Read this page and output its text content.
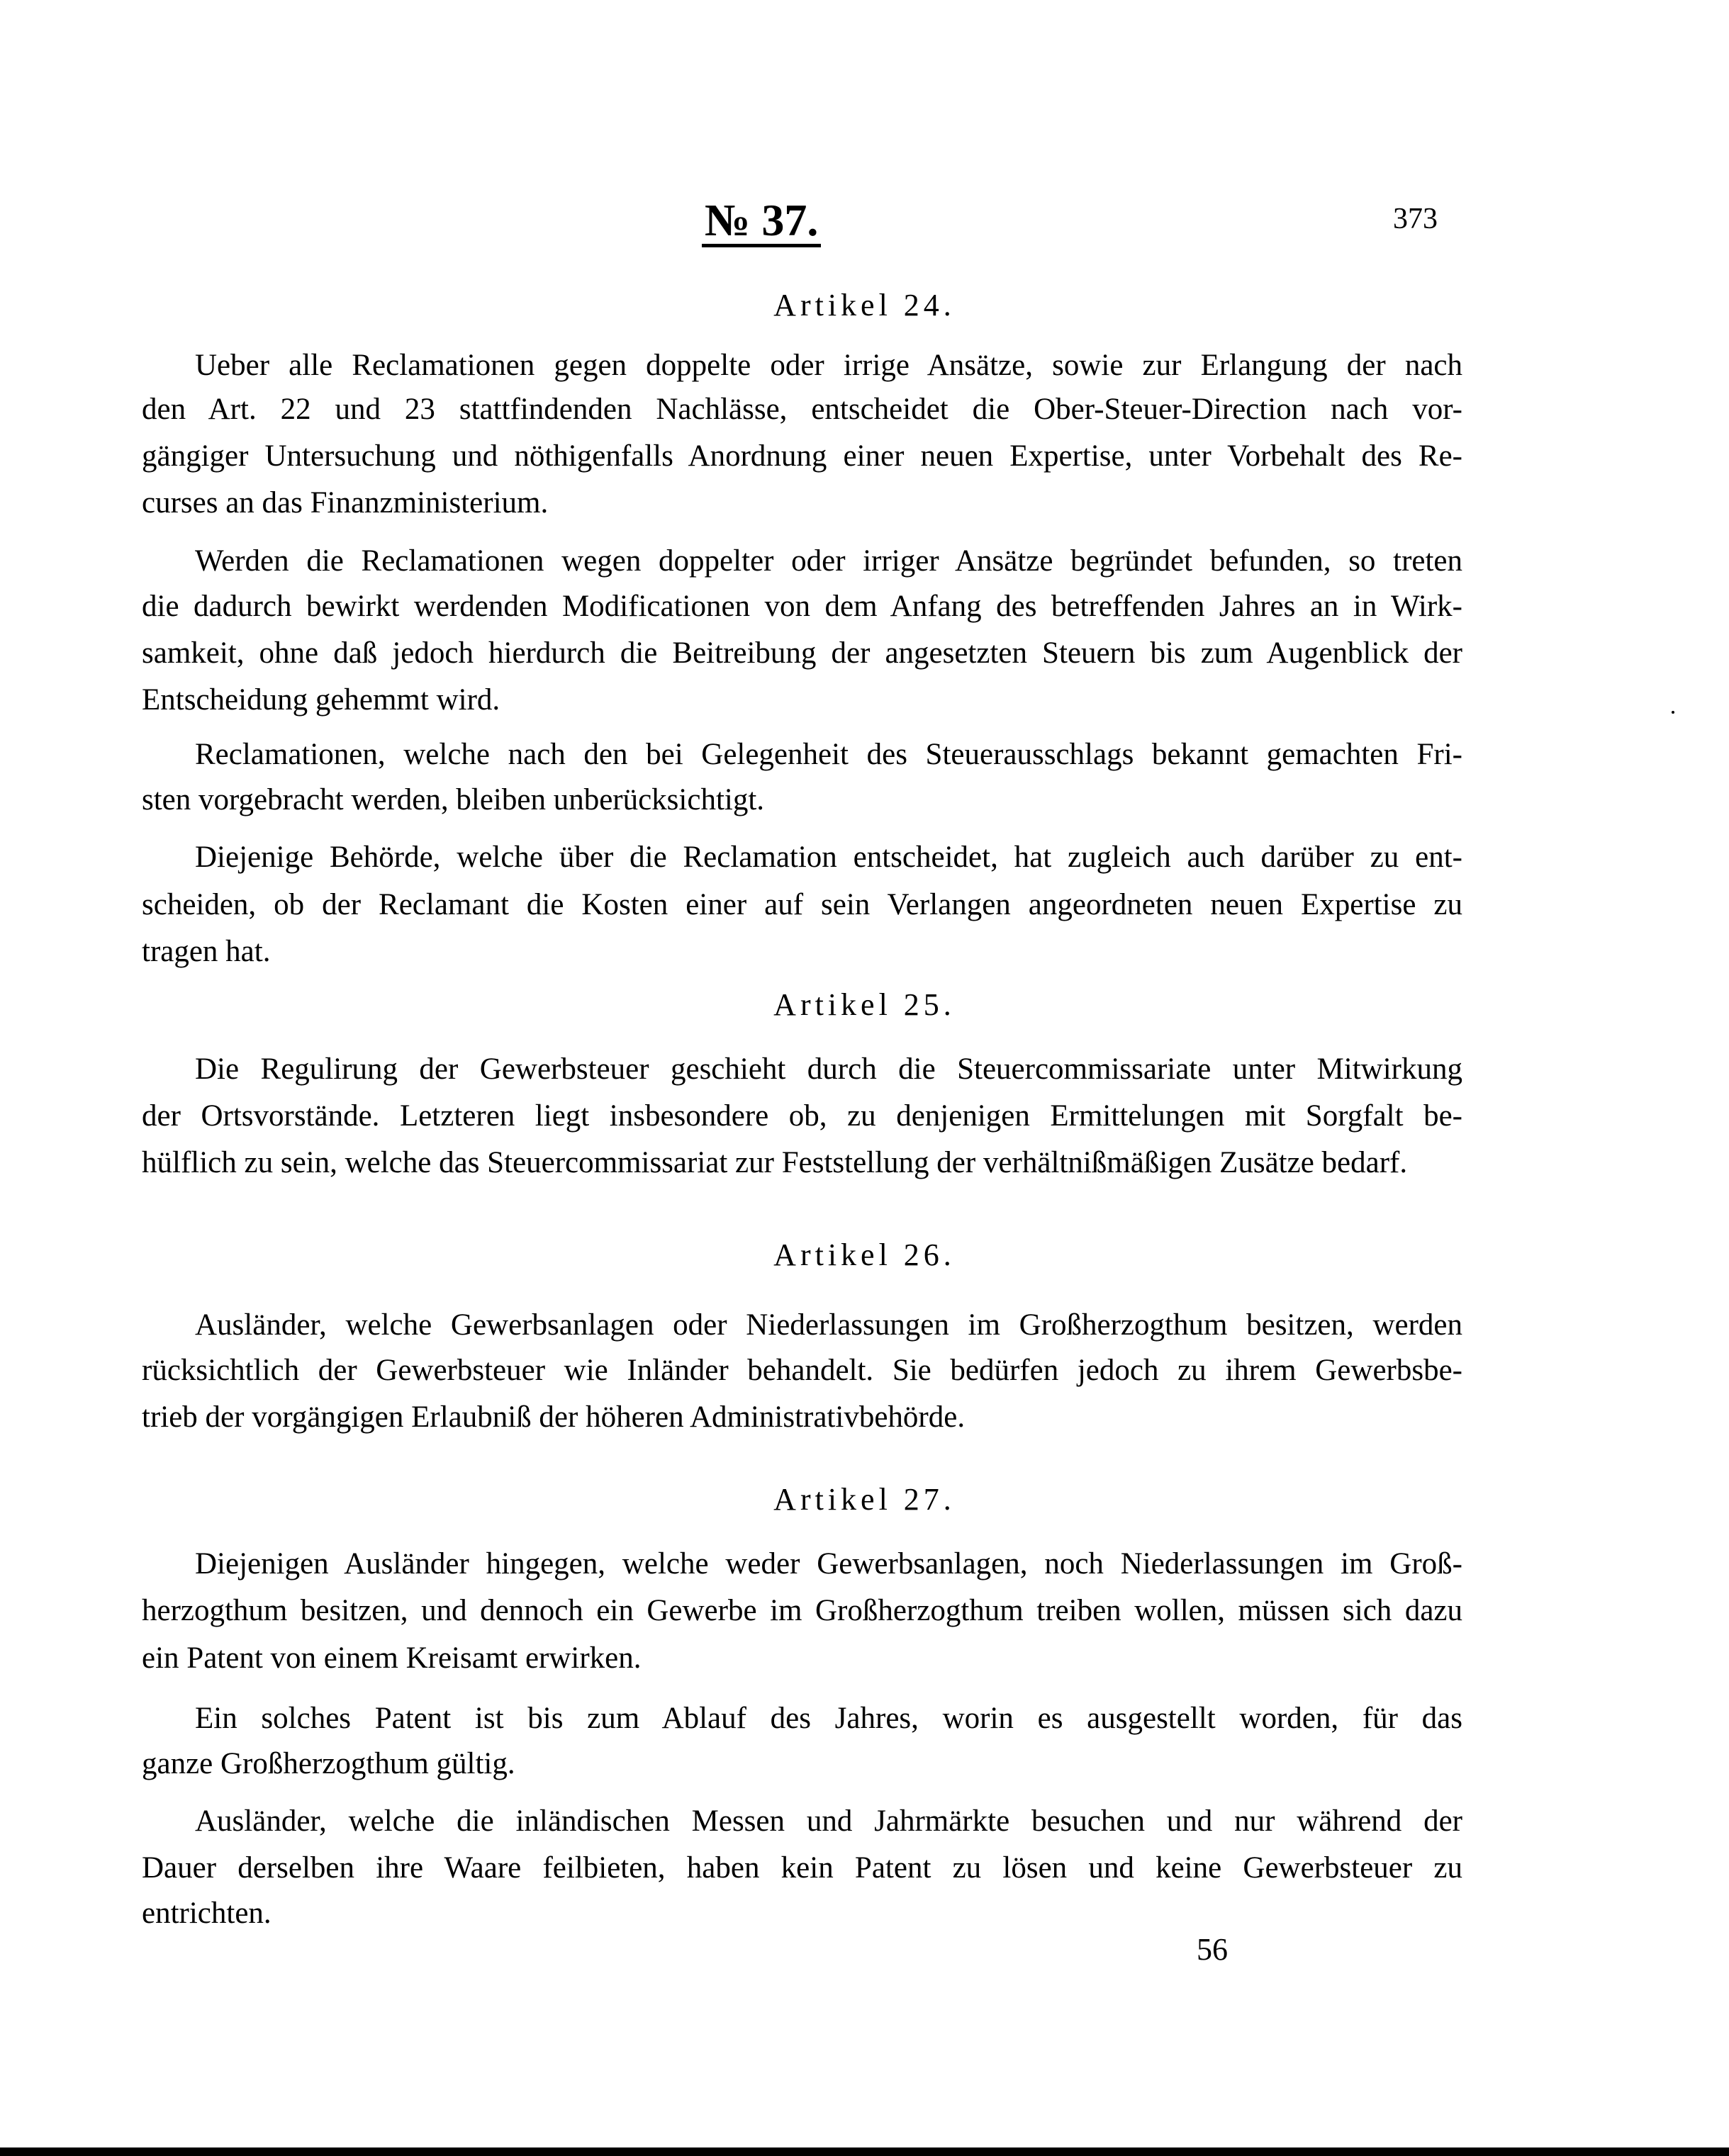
№ 37.	373
Artikel 24.
Ueber alle Reclamationen gegen doppelte oder irrige Ansätze, sowie zur Erlangung der nach
den Art. 22 und 23 stattfindenden Nachlässe, entscheidet die Ober-Steuer-Direction nach vor-
gängiger Untersuchung und nöthigenfalls Anordnung einer neuen Expertise, unter Vorbehalt des Re-
curses an das Finanzministerium.
Werden die Reclamationen wegen doppelter oder irriger Ansätze begründet befunden, so treten
die dadurch bewirkt werdenden Modificationen von dem Anfang des betreffenden Jahres an in Wirk-
samkeit, ohne daß jedoch hierdurch die Beitreibung der angesetzten Steuern bis zum Augenblick der
Entscheidung gehemmt wird.
Reclamationen, welche nach den bei Gelegenheit des Steuerausschlags bekannt gemachten Fri-
sten vorgebracht werden, bleiben unberücksichtigt.
Diejenige Behörde, welche über die Reclamation entscheidet, hat zugleich auch darüber zu ent-
scheiden, ob der Reclamant die Kosten einer auf sein Verlangen angeordneten neuen Expertise zu
tragen hat.
Artikel 25.
Die Regulirung der Gewerbsteuer geschieht durch die Steuercommissariate unter Mitwirkung
der Ortsvorstände. Letzteren liegt insbesondere ob, zu denjenigen Ermittelungen mit Sorgfalt be-
hülflich zu sein, welche das Steuercommissariat zur Feststellung der verhältnißmäßigen Zusätze bedarf.
Artikel 26.
Ausländer, welche Gewerbsanlagen oder Niederlassungen im Großherzogthum besitzen, werden
rücksichtlich der Gewerbsteuer wie Inländer behandelt. Sie bedürfen jedoch zu ihrem Gewerbsbe-
trieb der vorgängigen Erlaubniß der höheren Administrativbehörde.
Artikel 27.
Diejenigen Ausländer hingegen, welche weder Gewerbsanlagen, noch Niederlassungen im Groß-
herzogthum besitzen, und dennoch ein Gewerbe im Großherzogthum treiben wollen, müssen sich dazu
ein Patent von einem Kreisamt erwirken.
Ein solches Patent ist bis zum Ablauf des Jahres, worin es ausgestellt worden, für das
ganze Großherzogthum gültig.
Ausländer, welche die inländischen Messen und Jahrmärkte besuchen und nur während der
Dauer derselben ihre Waare feilbieten, haben kein Patent zu lösen und keine Gewerbsteuer zu
entrichten.
56
